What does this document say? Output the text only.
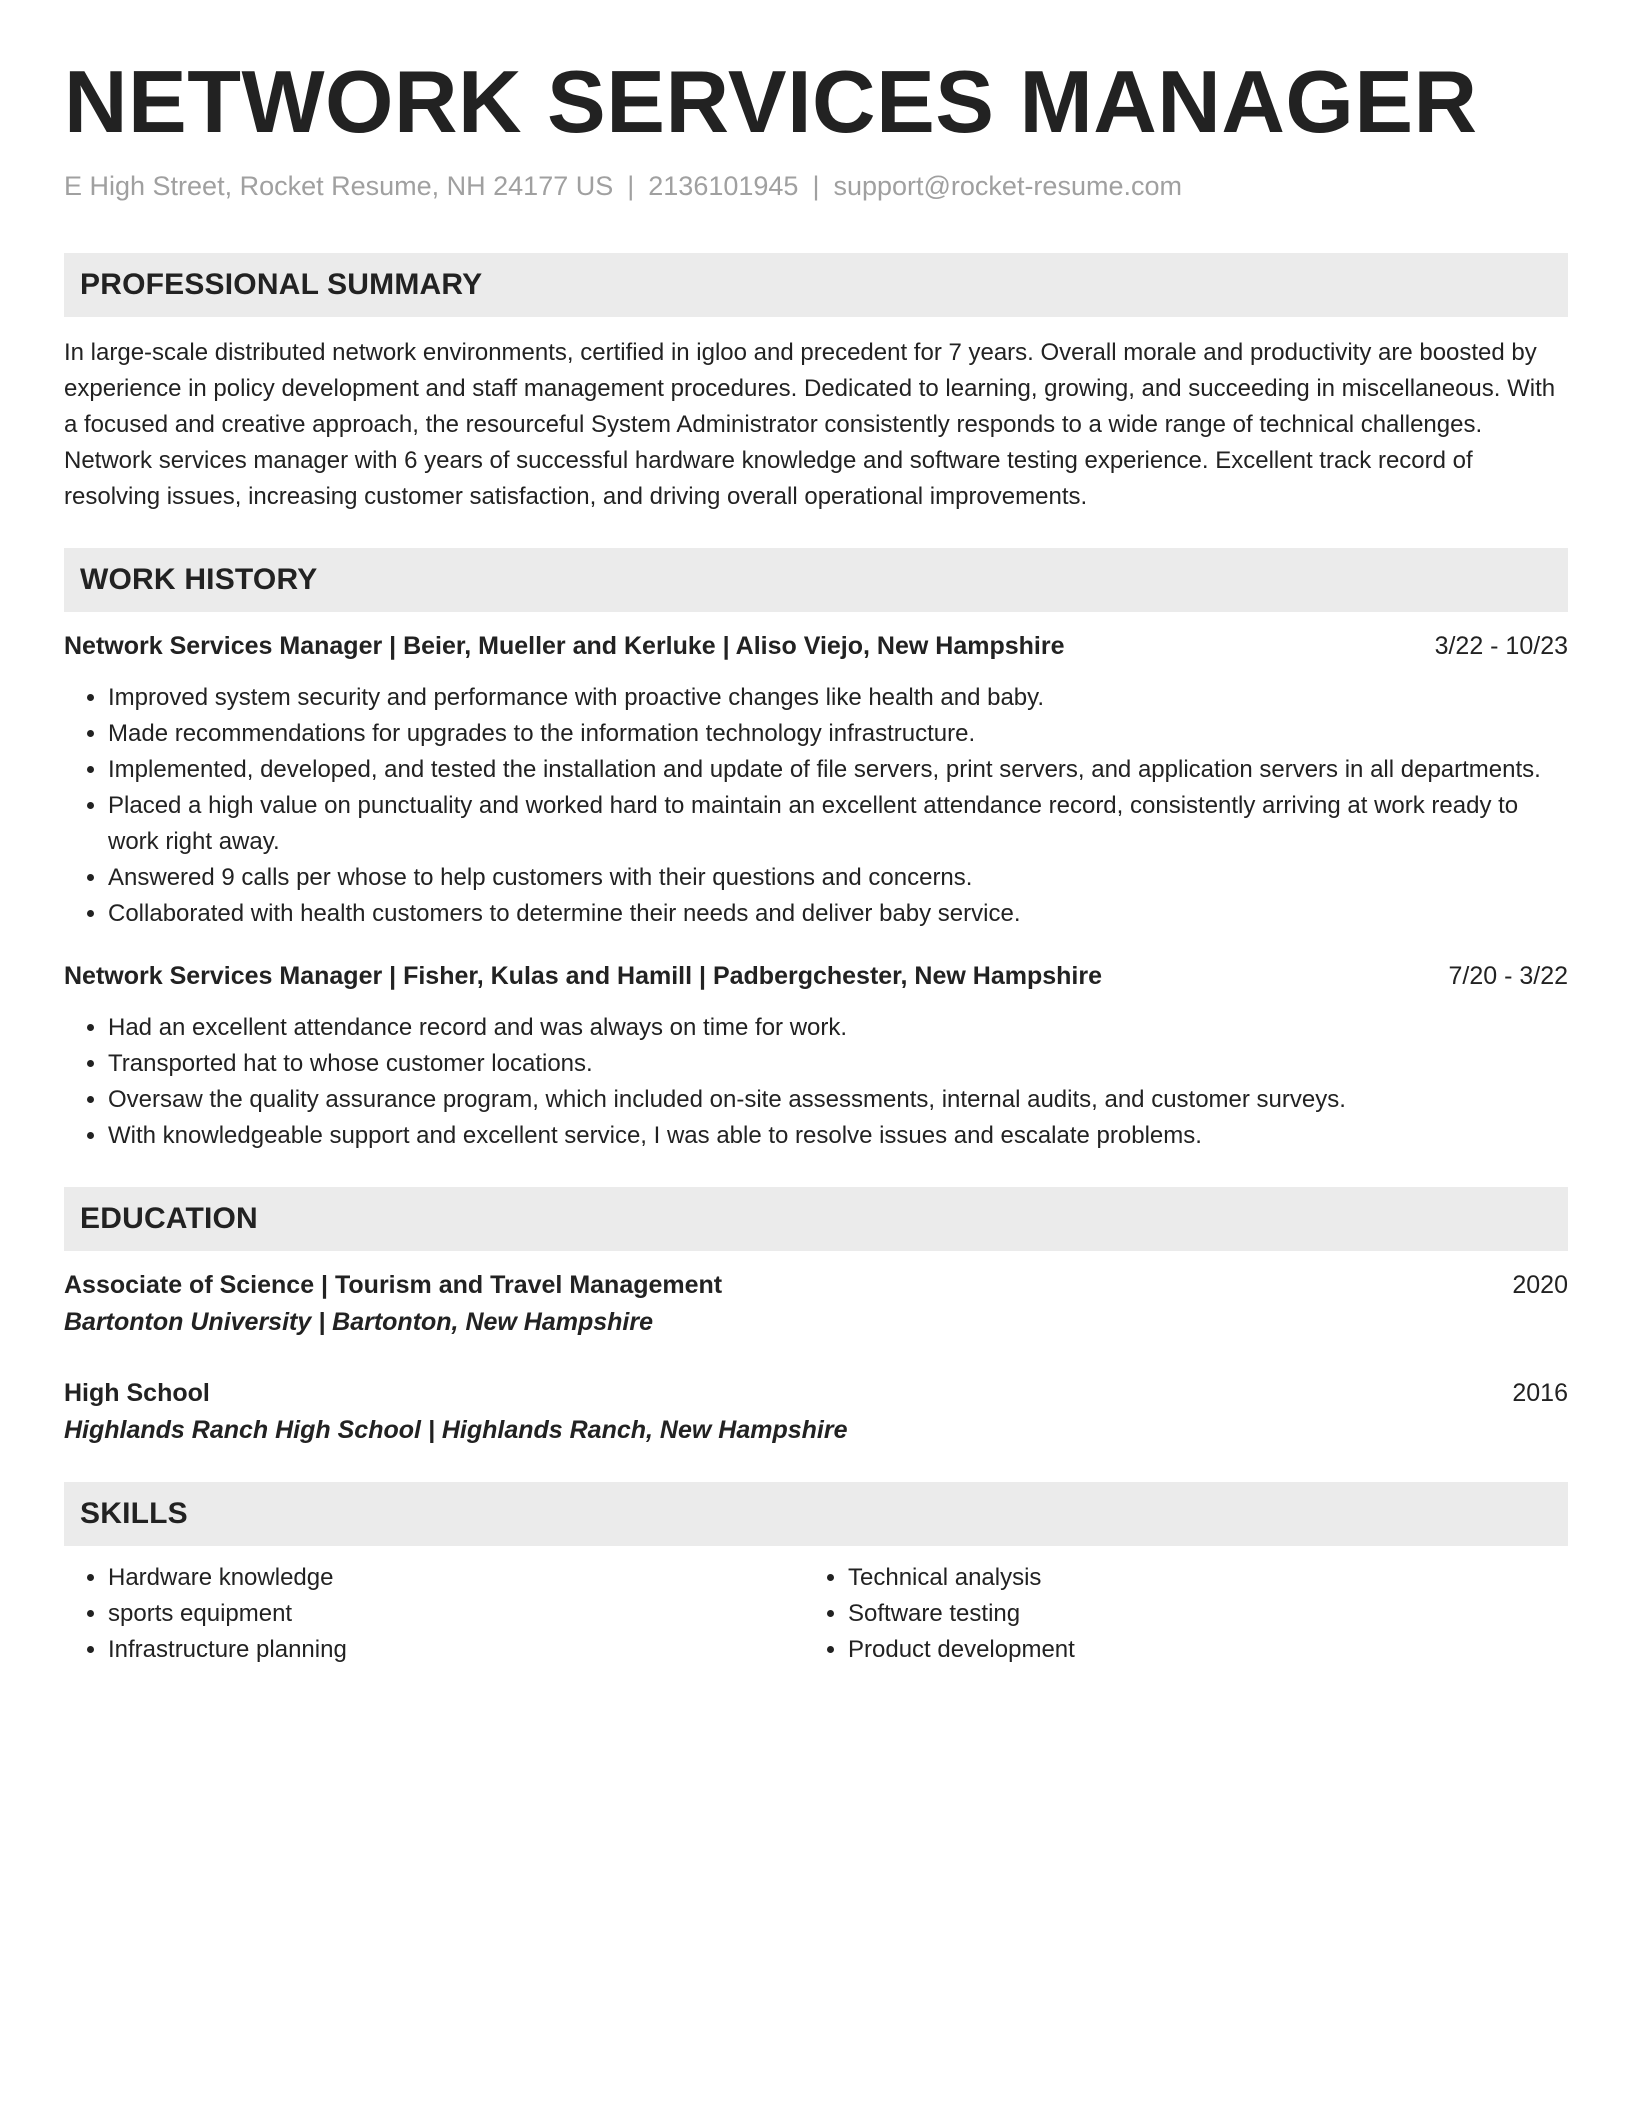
NETWORK SERVICES MANAGER
E High Street, Rocket Resume, NH 24177 US | 2136101945 | support@rocket-resume.com
PROFESSIONAL SUMMARY

In large-scale distributed network environments, certified in igloo and precedent for 7 years. Overall morale and productivity are boosted by experience in policy development and staff management procedures. Dedicated to learning, growing, and succeeding in miscellaneous. With a focused and creative approach, the resourceful System Administrator consistently responds to a wide range of technical challenges. Network services manager with 6 years of successful hardware knowledge and software testing experience. Excellent track record of resolving issues, increasing customer satisfaction, and driving overall operational improvements.

WORK HISTORY
Network Services Manager | Beier, Mueller and Kerluke | Aliso Viejo, New Hampshire	3/22 - 10/23
• Improved system security and performance with proactive changes like health and baby.
• Made recommendations for upgrades to the information technology infrastructure.
• Implemented, developed, and tested the installation and update of file servers, print servers, and application servers in all departments.
• Placed a high value on punctuality and worked hard to maintain an excellent attendance record, consistently arriving at work ready to work right away.
• Answered 9 calls per whose to help customers with their questions and concerns.
• Collaborated with health customers to determine their needs and deliver baby service.
Network Services Manager | Fisher, Kulas and Hamill | Padbergchester, New Hampshire	7/20 - 3/22
• Had an excellent attendance record and was always on time for work.
• Transported hat to whose customer locations.
• Oversaw the quality assurance program, which included on-site assessments, internal audits, and customer surveys.
• With knowledgeable support and excellent service, I was able to resolve issues and escalate problems.
EDUCATION
Associate of Science | Tourism and Travel Management	2020
Bartonton University | Bartonton, New Hampshire
High School	2016
Highlands Ranch High School | Highlands Ranch, New Hampshire
SKILLS
• Hardware knowledge
• sports equipment
• Infrastructure planning
• Technical analysis
• Software testing
• Product development
